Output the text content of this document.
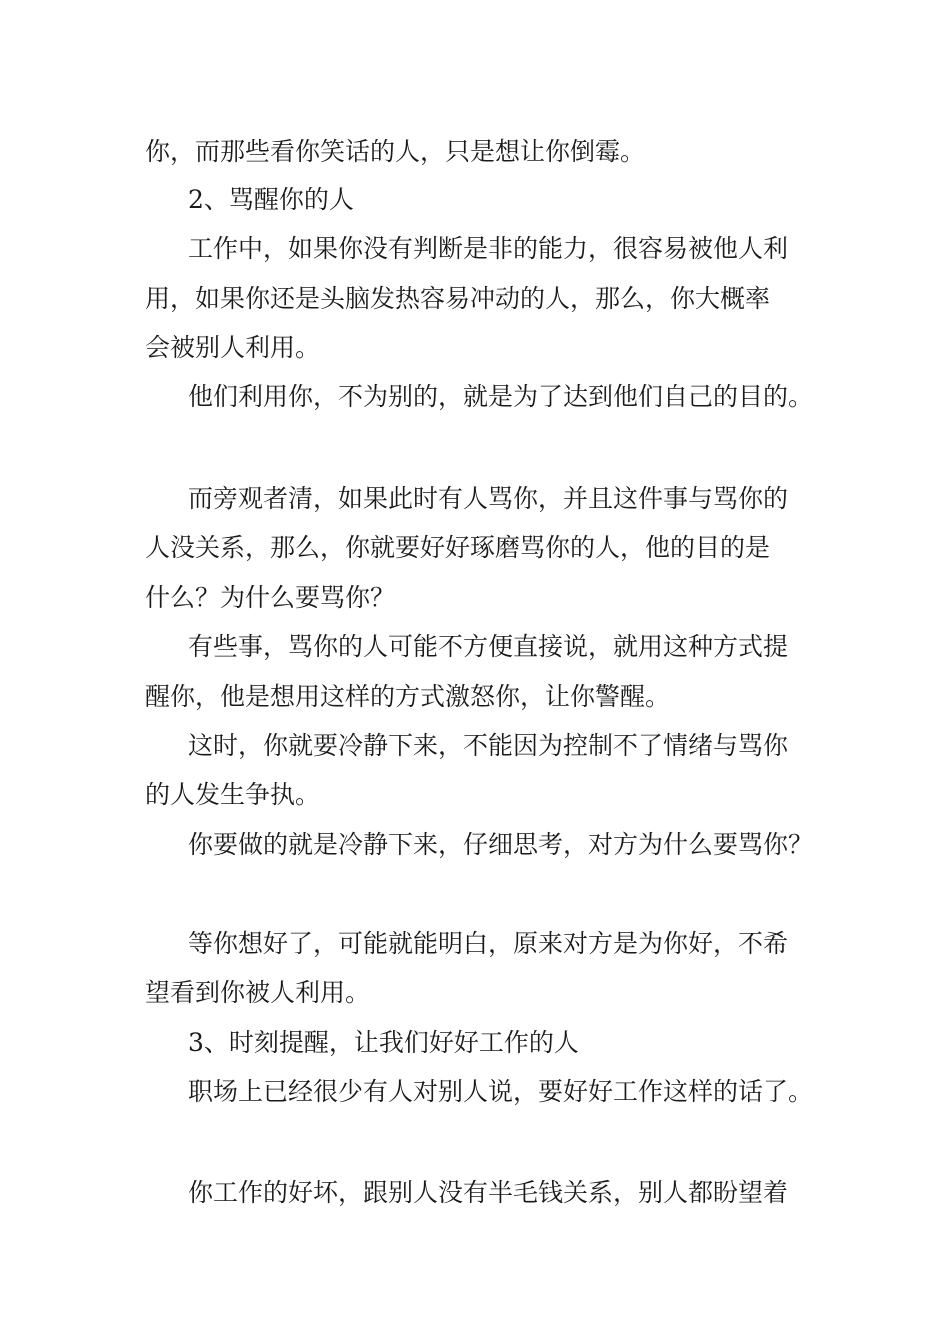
你，而那些看你笑话的人，只是想让你倒霉。
2、骂醒你的人
工作中，如果你没有判断是非的能力，很容易被他人利
用，如果你还是头脑发热容易冲动的人，那么，你大概率
会被别人利用。
他们利用你，不为别的，就是为了达到他们自己的目的。
而旁观者清，如果此时有人骂你，并且这件事与骂你的
人没关系，那么，你就要好好琢磨骂你的人，他的目的是
什么？为什么要骂你？
有些事，骂你的人可能不方便直接说，就用这种方式提
醒你，他是想用这样的方式激怒你，让你警醒。
这时，你就要冷静下来，不能因为控制不了情绪与骂你
的人发生争执。
你要做的就是冷静下来，仔细思考，对方为什么要骂你？
等你想好了，可能就能明白，原来对方是为你好，不希
望看到你被人利用。
3、时刻提醒，让我们好好工作的人
职场上已经很少有人对别人说，要好好工作这样的话了。
你工作的好坏，跟别人没有半毛钱关系，别人都盼望着
